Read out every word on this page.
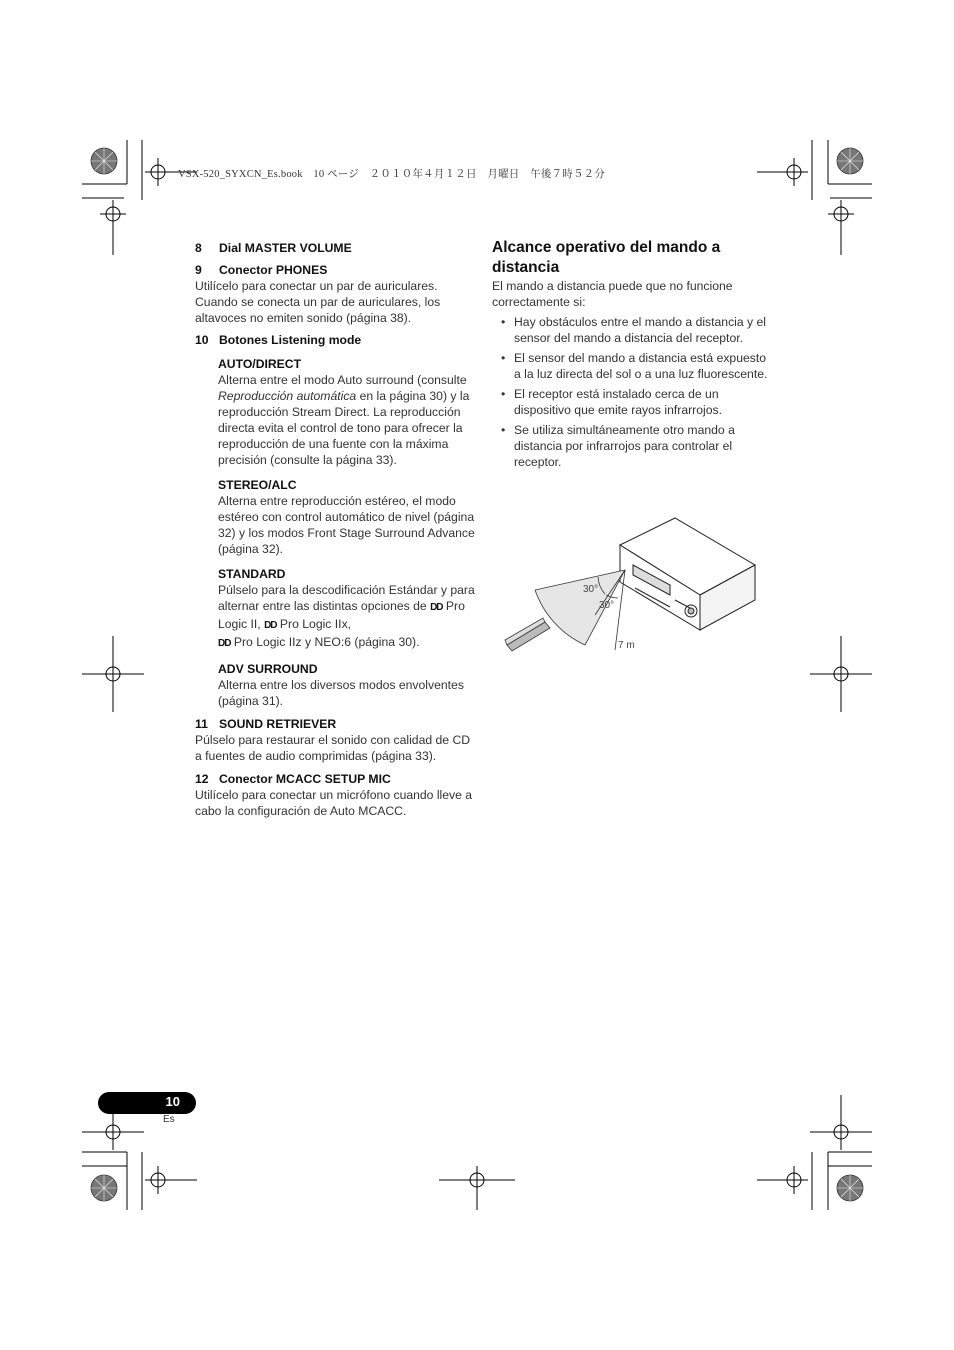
VSX-520_SYXCN_Es.book　10 ページ　２０１０年４月１２日　月曜日　午後７時５２分
8 Dial MASTER VOLUME
9 Conector PHONES
Utilícelo para conectar un par de auriculares. Cuando se conecta un par de auriculares, los altavoces no emiten sonido (página 38).
10 Botones Listening mode
AUTO/DIRECT
Alterna entre el modo Auto surround (consulte Reproducción automática en la página 30) y la reproducción Stream Direct. La reproducción directa evita el control de tono para ofrecer la reproducción de una fuente con la máxima precisión (consulte la página 33).
STEREO/ALC
Alterna entre reproducción estéreo, el modo estéreo con control automático de nivel (página 32) y los modos Front Stage Surround Advance (página 32).
STANDARD
Púlselo para la descodificación Estándar y para alternar entre las distintas opciones de DD Pro Logic II, DD Pro Logic IIx,
DD Pro Logic IIz y NEO:6 (página 30).
ADV SURROUND
Alterna entre los diversos modos envolventes (página 31).
11 SOUND RETRIEVER
Púlselo para restaurar el sonido con calidad de CD a fuentes de audio comprimidas (página 33).
12 Conector MCACC SETUP MIC
Utilícelo para conectar un micrófono cuando lleve a cabo la configuración de Auto MCACC.
Alcance operativo del mando a distancia
El mando a distancia puede que no funcione correctamente si:
• Hay obstáculos entre el mando a distancia y el sensor del mando a distancia del receptor.
• El sensor del mando a distancia está expuesto a la luz directa del sol o a una luz fluorescente.
• El receptor está instalado cerca de un dispositivo que emite rayos infrarrojos.
• Se utiliza simultáneamente otro mando a distancia por infrarrojos para controlar el receptor.
30°
30°
7 m
10
Es
